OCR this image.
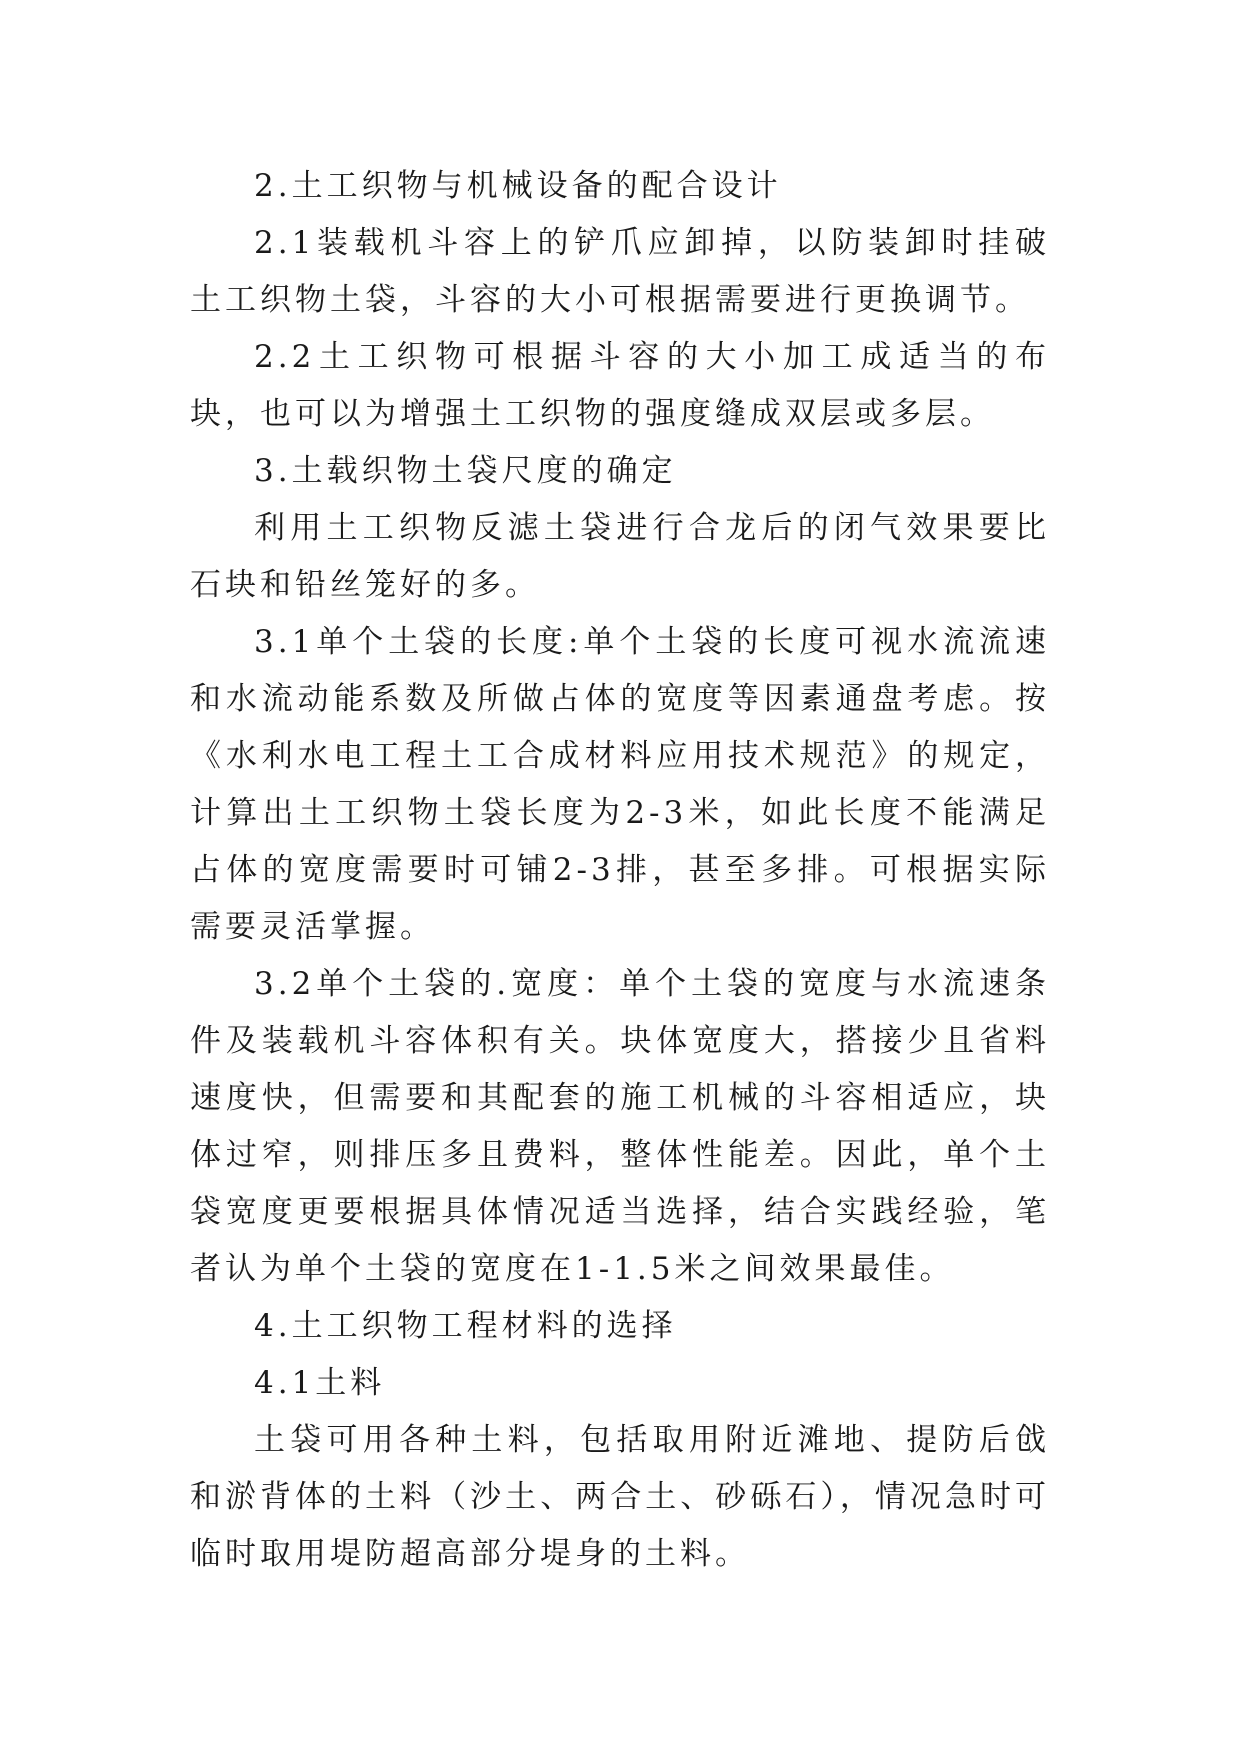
2.土工织物与机械设备的配合设计

2.1装载机斗容上的铲爪应卸掉，以防装卸时挂破土工织物土袋，斗容的大小可根据需要进行更换调节。

2.2土工织物可根据斗容的大小加工成适当的布块，也可以为增强土工织物的强度缝成双层或多层。

3.土载织物土袋尺度的确定

利用土工织物反滤土袋进行合龙后的闭气效果要比石块和铅丝笼好的多。

3.1单个土袋的长度:单个土袋的长度可视水流流速和水流动能系数及所做占体的宽度等因素通盘考虑。按《水利水电工程土工合成材料应用技术规范》的规定，计算出土工织物土袋长度为2-3米，如此长度不能满足占体的宽度需要时可铺2-3排，甚至多排。可根据实际需要灵活掌握。

3.2单个土袋的.宽度：单个土袋的宽度与水流速条件及装载机斗容体积有关。块体宽度大，搭接少且省料速度快，但需要和其配套的施工机械的斗容相适应，块体过窄，则排压多且费料，整体性能差。因此，单个土袋宽度更要根据具体情况适当选择，结合实践经验，笔者认为单个土袋的宽度在1-1.5米之间效果最佳。

4.土工织物工程材料的选择

4.1土料

土袋可用各种土料，包括取用附近滩地、提防后戗和淤背体的土料（沙土、两合土、砂砾石），情况急时可临时取用堤防超高部分堤身的土料。
